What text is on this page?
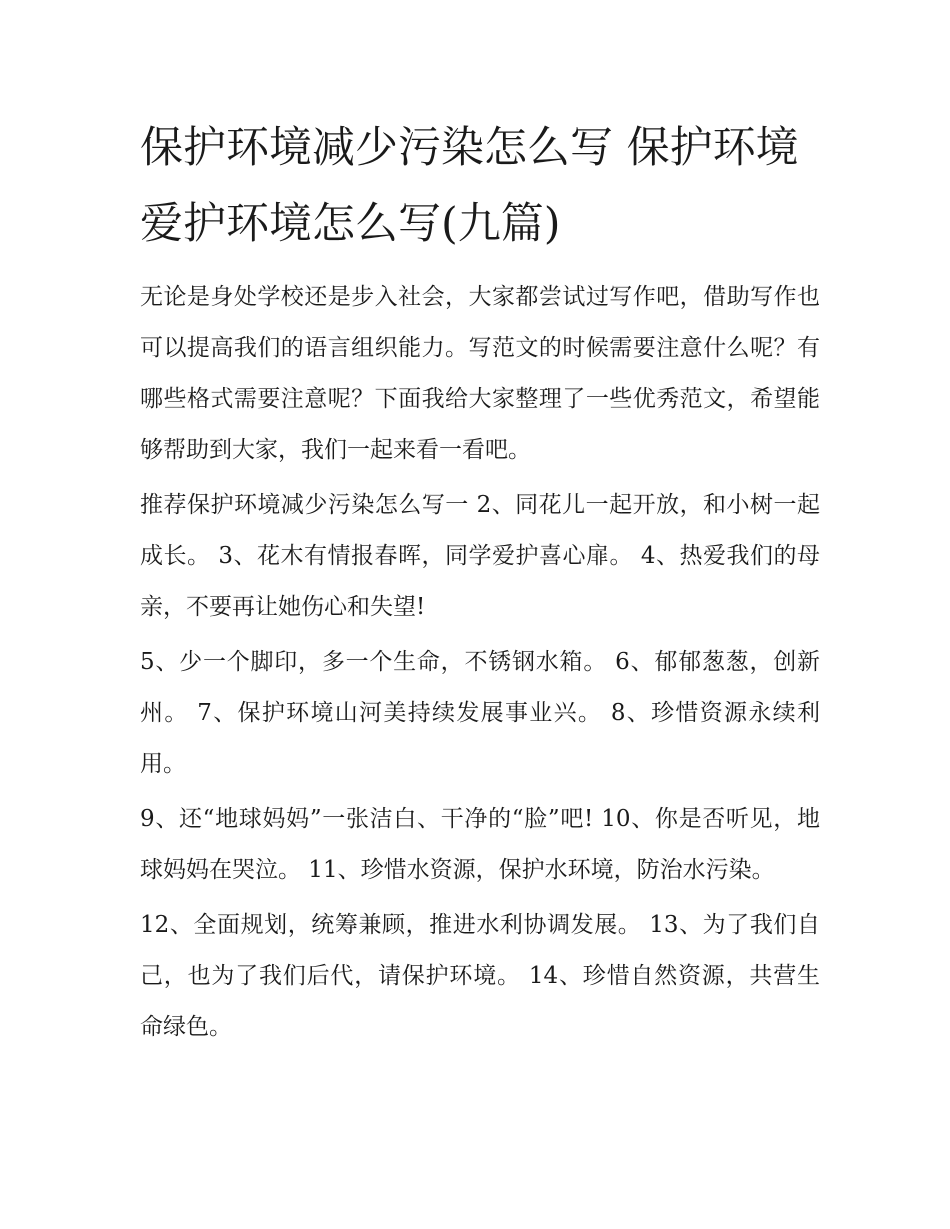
保护环境减少污染怎么写 保护环境爱护环境怎么写(九篇)

无论是身处学校还是步入社会，大家都尝试过写作吧，借助写作也可以提高我们的语言组织能力。写范文的时候需要注意什么呢？有哪些格式需要注意呢？下面我给大家整理了一些优秀范文，希望能够帮助到大家，我们一起来看一看吧。

推荐保护环境减少污染怎么写一 2、同花儿一起开放，和小树一起成长。 3、花木有情报春晖，同学爱护喜心扉。 4、热爱我们的母亲，不要再让她伤心和失望!

5、少一个脚印，多一个生命，不锈钢水箱。 6、郁郁葱葱，创新州。 7、保护环境山河美持续发展事业兴。 8、珍惜资源永续利用。

9、还“地球妈妈”一张洁白、干净的“脸”吧! 10、你是否听见，地球妈妈在哭泣。 11、珍惜水资源，保护水环境，防治水污染。

12、全面规划，统筹兼顾，推进水利协调发展。 13、为了我们自己，也为了我们后代，请保护环境。 14、珍惜自然资源，共营生命绿色。
